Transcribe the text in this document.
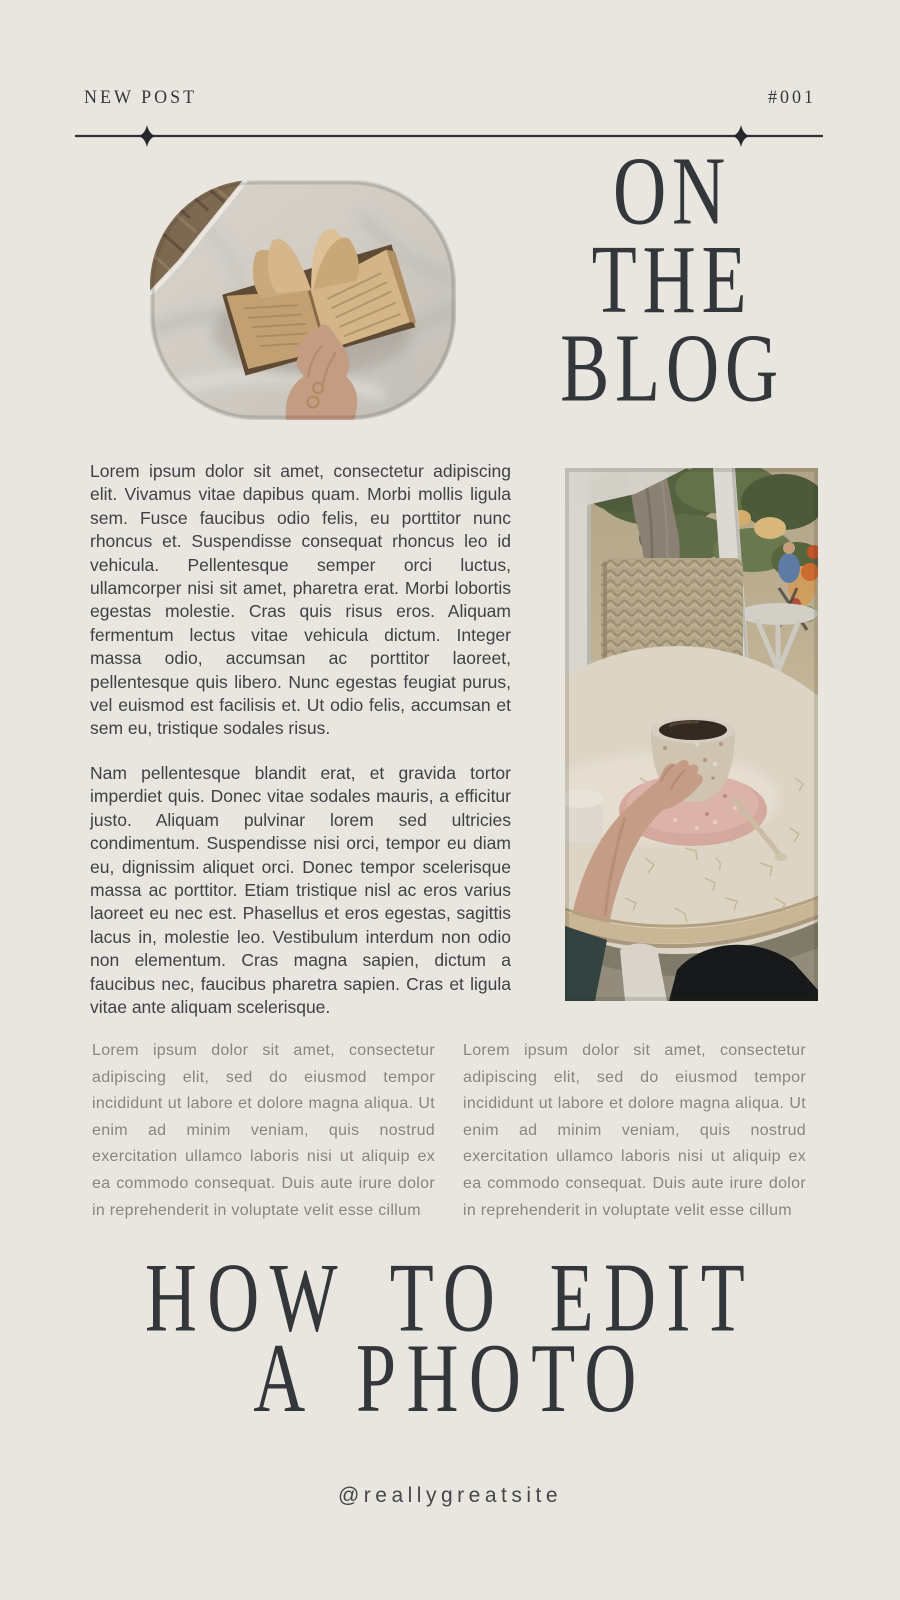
NEW POST	#001
ON
THE
BLOG

Lorem ipsum dolor sit amet, consectetur adipiscing elit. Vivamus vitae dapibus quam. Morbi mollis ligula sem. Fusce faucibus odio felis, eu porttitor nunc rhoncus et. Suspendisse consequat rhoncus leo id vehicula. Pellentesque semper orci luctus, ullamcorper nisi sit amet, pharetra erat. Morbi lobortis egestas molestie. Cras quis risus eros. Aliquam fermentum lectus vitae vehicula dictum. Integer massa odio, accumsan ac porttitor laoreet, pellentesque quis libero. Nunc egestas feugiat purus, vel euismod est facilisis et. Ut odio felis, accumsan et sem eu, tristique sodales risus.

Nam pellentesque blandit erat, et gravida tortor imperdiet quis. Donec vitae sodales mauris, a efficitur justo. Aliquam pulvinar lorem sed ultricies condimentum. Suspendisse nisi orci, tempor eu diam eu, dignissim aliquet orci. Donec tempor scelerisque massa ac porttitor. Etiam tristique nisl ac eros varius laoreet eu nec est. Phasellus et eros egestas, sagittis lacus in, molestie leo. Vestibulum interdum non odio non elementum. Cras magna sapien, dictum a faucibus nec, faucibus pharetra sapien. Cras et ligula vitae ante aliquam scelerisque.

Lorem ipsum dolor sit amet, consectetur adipiscing elit, sed do eiusmod tempor incididunt ut labore et dolore magna aliqua. Ut enim ad minim veniam, quis nostrud exercitation ullamco laboris nisi ut aliquip ex ea commodo consequat. Duis aute irure dolor in reprehenderit in voluptate velit esse cillum

Lorem ipsum dolor sit amet, consectetur adipiscing elit, sed do eiusmod tempor incididunt ut labore et dolore magna aliqua. Ut enim ad minim veniam, quis nostrud exercitation ullamco laboris nisi ut aliquip ex ea commodo consequat. Duis aute irure dolor in reprehenderit in voluptate velit esse cillum

HOW TO EDIT
A PHOTO
@reallygreatsite
